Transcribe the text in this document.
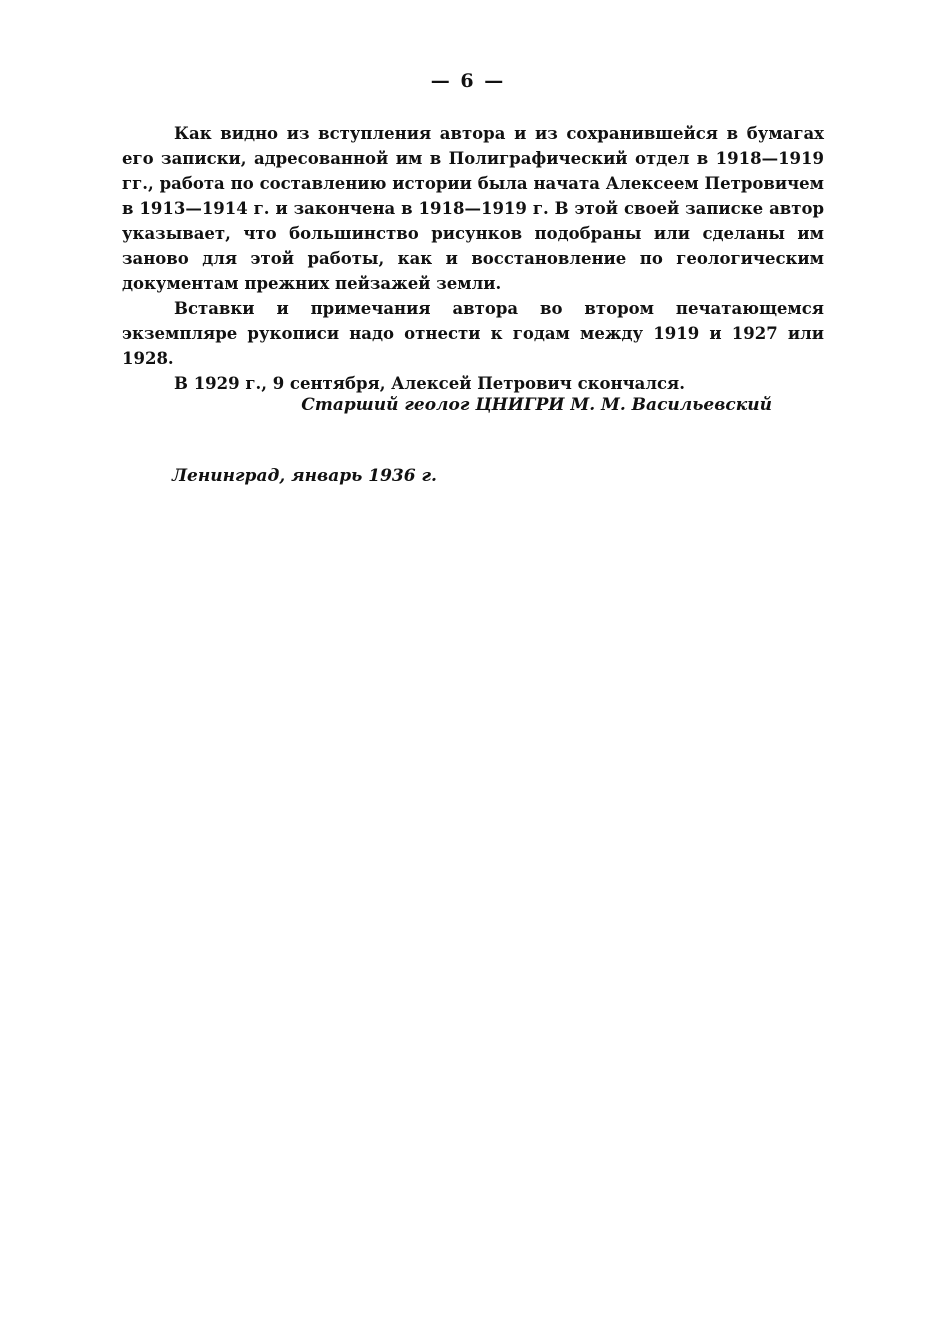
— 6 —

Как видно из вступления автора и из сохранившейся в бумагах его записки, адресованной им в Полиграфический отдел в 1918—1919 гг., работа по составлению истории была начата Алексеем Петровичем в 1913—1914 г. и закончена в 1918—1919 г. В этой своей записке автор указывает, что большинство рисунков подобраны или сделаны им заново для этой работы, как и восстановление по геологическим документам прежних пейзажей земли.

Вставки и примечания автора во втором печатающемся экземпляре рукописи надо отнести к годам между 1919 и 1927 или 1928.

В 1929 г., 9 сентября, Алексей Петрович скончался.

Старший геолог ЦНИГРИ М. М. Васильевский
Ленинград, январь 1936 г.
